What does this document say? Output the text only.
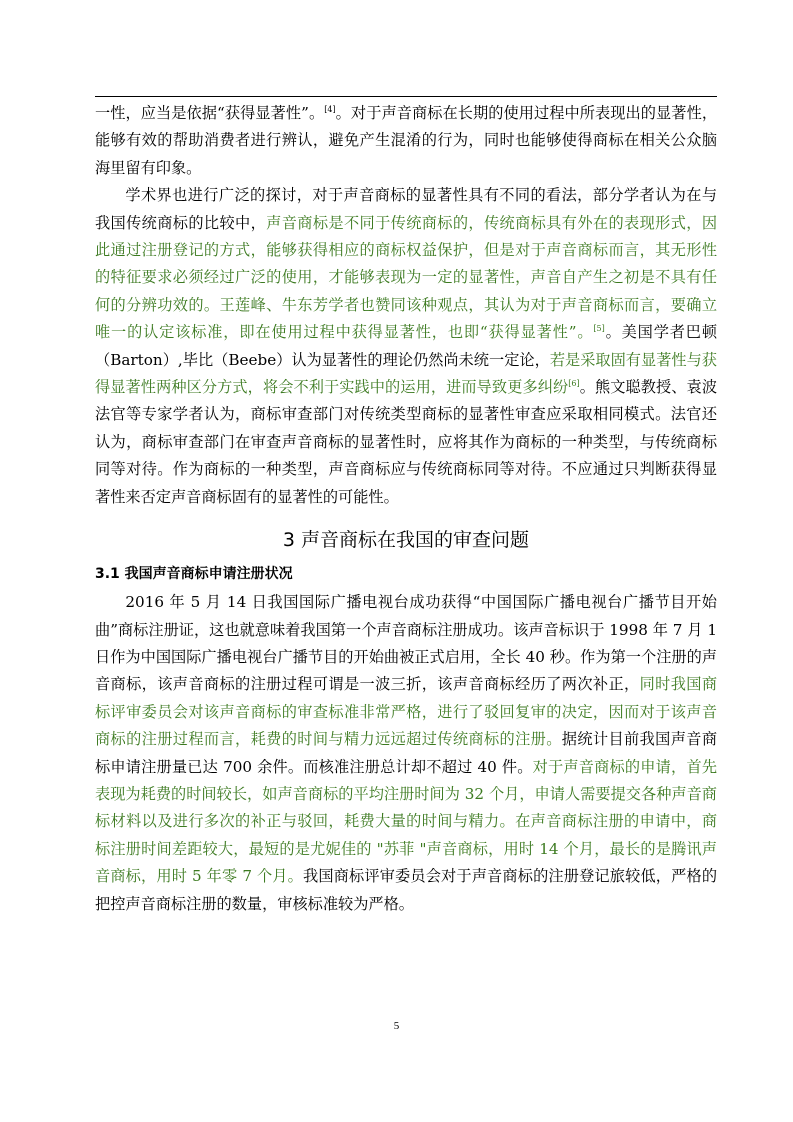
一性，应当是依据“获得显著性”。[4]。对于声音商标在长期的使用过程中所表现出的显著性，能够有效的帮助消费者进行辨认，避免产生混淆的行为，同时也能够使得商标在相关公众脑海里留有印象。

学术界也进行广泛的探讨，对于声音商标的显著性具有不同的看法，部分学者认为在与我国传统商标的比较中，声音商标是不同于传统商标的，传统商标具有外在的表现形式，因此通过注册登记的方式，能够获得相应的商标权益保护，但是对于声音商标而言，其无形性的特征要求必须经过广泛的使用，才能够表现为一定的显著性，声音自产生之初是不具有任何的分辨功效的。王莲峰、牛东芳学者也赞同该种观点，其认为对于声音商标而言，要确立唯一的认定该标准，即在使用过程中获得显著性，也即“获得显著性”。[5]。美国学者巴顿（Barton）,毕比（Beebe）认为显著性的理论仍然尚未统一定论，若是采取固有显著性与获得显著性两种区分方式，将会不利于实践中的运用，进而导致更多纠纷[6]。熊文聪教授、袁波法官等专家学者认为，商标审查部门对传统类型商标的显著性审查应采取相同模式。法官还认为，商标审查部门在审查声音商标的显著性时，应将其作为商标的一种类型，与传统商标同等对待。作为商标的一种类型，声音商标应与传统商标同等对待。不应通过只判断获得显著性来否定声音商标固有的显著性的可能性。

3 声音商标在我国的审查问题
3.1 我国声音商标申请注册状况

2016 年 5 月 14 日我国国际广播电视台成功获得“中国国际广播电视台广播节目开始曲”商标注册证，这也就意味着我国第一个声音商标注册成功。该声音标识于 1998 年 7 月 1 日作为中国国际广播电视台广播节目的开始曲被正式启用，全长 40 秒。作为第一个注册的声音商标，该声音商标的注册过程可谓是一波三折，该声音商标经历了两次补正，同时我国商标评审委员会对该声音商标的审查标准非常严格，进行了驳回复审的决定，因而对于该声音商标的注册过程而言，耗费的时间与精力远远超过传统商标的注册。据统计目前我国声音商标申请注册量已达 700 余件。而核准注册总计却不超过 40 件。对于声音商标的申请，首先表现为耗费的时间较长，如声音商标的平均注册时间为 32 个月，申请人需要提交各种声音商标材料以及进行多次的补正与驳回，耗费大量的时间与精力。在声音商标注册的申请中，商标注册时间差距较大，最短的是尤妮佳的 "苏菲 "声音商标，用时 14 个月，最长的是腾讯声音商标，用时 5 年零 7 个月。我国商标评审委员会对于声音商标的注册登记旅较低，严格的把控声音商标注册的数量，审核标准较为严格。

5
